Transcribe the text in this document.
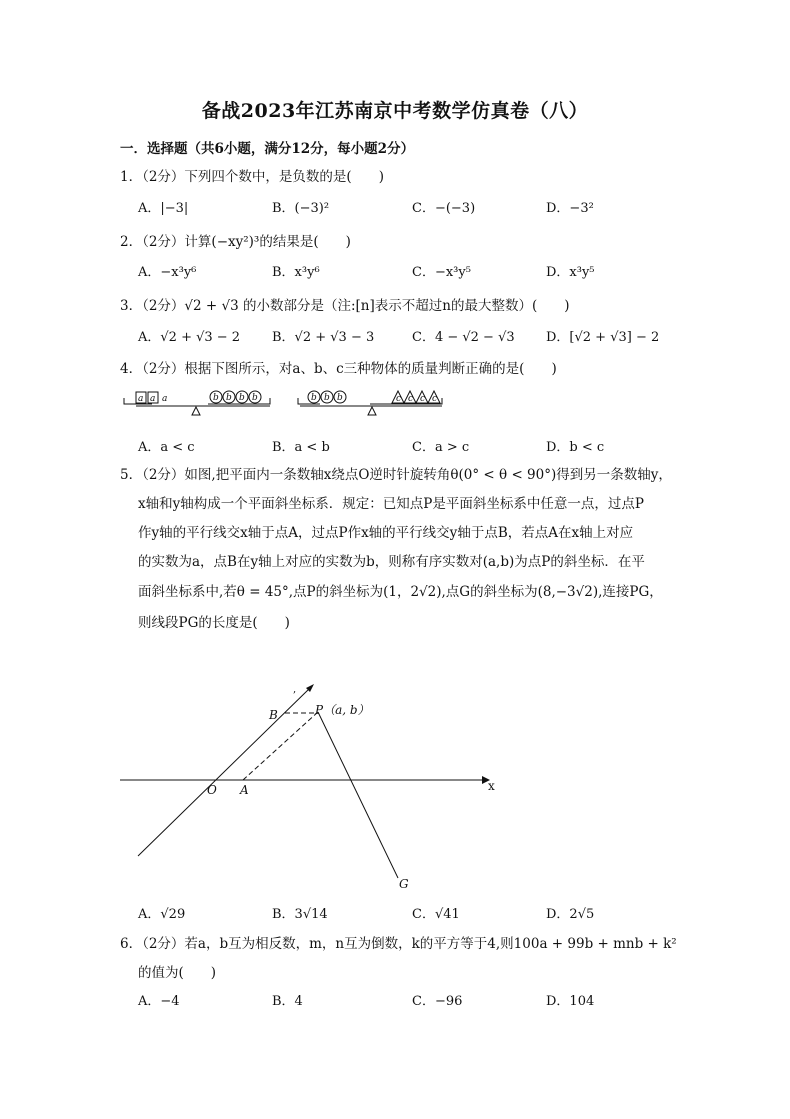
备战2023年江苏南京中考数学仿真卷（八）
一．选择题（共6小题，满分12分，每小题2分）
1．（2分）下列四个数中，是负数的是(　　)
A．|−3|	B．(−3)²	C．−(−3)	D．−3²
2．（2分）计算(−xy²)³的结果是(　　)
A．−x³y⁶	B．x³y⁶	C．−x³y⁵	D．x³y⁵
3．（2分）√2 + √3 的小数部分是（注:[n]表示不超过n的最大整数）(　　)
A．√2 + √3 − 2 B．√2 + √3 − 3	C．4 − √2 − √3 D．[√2 + √3] − 2
4．（2分）根据下图所示，对a、b、c三种物体的质量判断正确的是(　　)
a a a	b b b b	b b b	c c c c
A．a < c	B．a < b	C．a > c	D．b < c
5．（2分）如图,把平面内一条数轴x绕点O逆时针旋转角θ(0° < θ < 90°)得到另一条数轴y，
x轴和y轴构成一个平面斜坐标系．规定：已知点P是平面斜坐标系中任意一点，过点P
作y轴的平行线交x轴于点A，过点P作x轴的平行线交y轴于点B，若点A在x轴上对应
的实数为a，点B在y轴上对应的实数为b，则称有序实数对(a,b)为点P的斜坐标．在平
面斜坐标系中,若θ = 45°,点P的斜坐标为(1，2√2),点G的斜坐标为(8,−3√2),连接PG，
则线段PG的长度是(　　)
x
,
B	P（a, b）
O A
G
A．√29	B．3√14	C．√41	D．2√5
6．（2分）若a，b互为相反数，m，n互为倒数，k的平方等于4,则100a + 99b + mnb + k²
的值为(　　)
A．−4	B．4	C．−96	D．104
